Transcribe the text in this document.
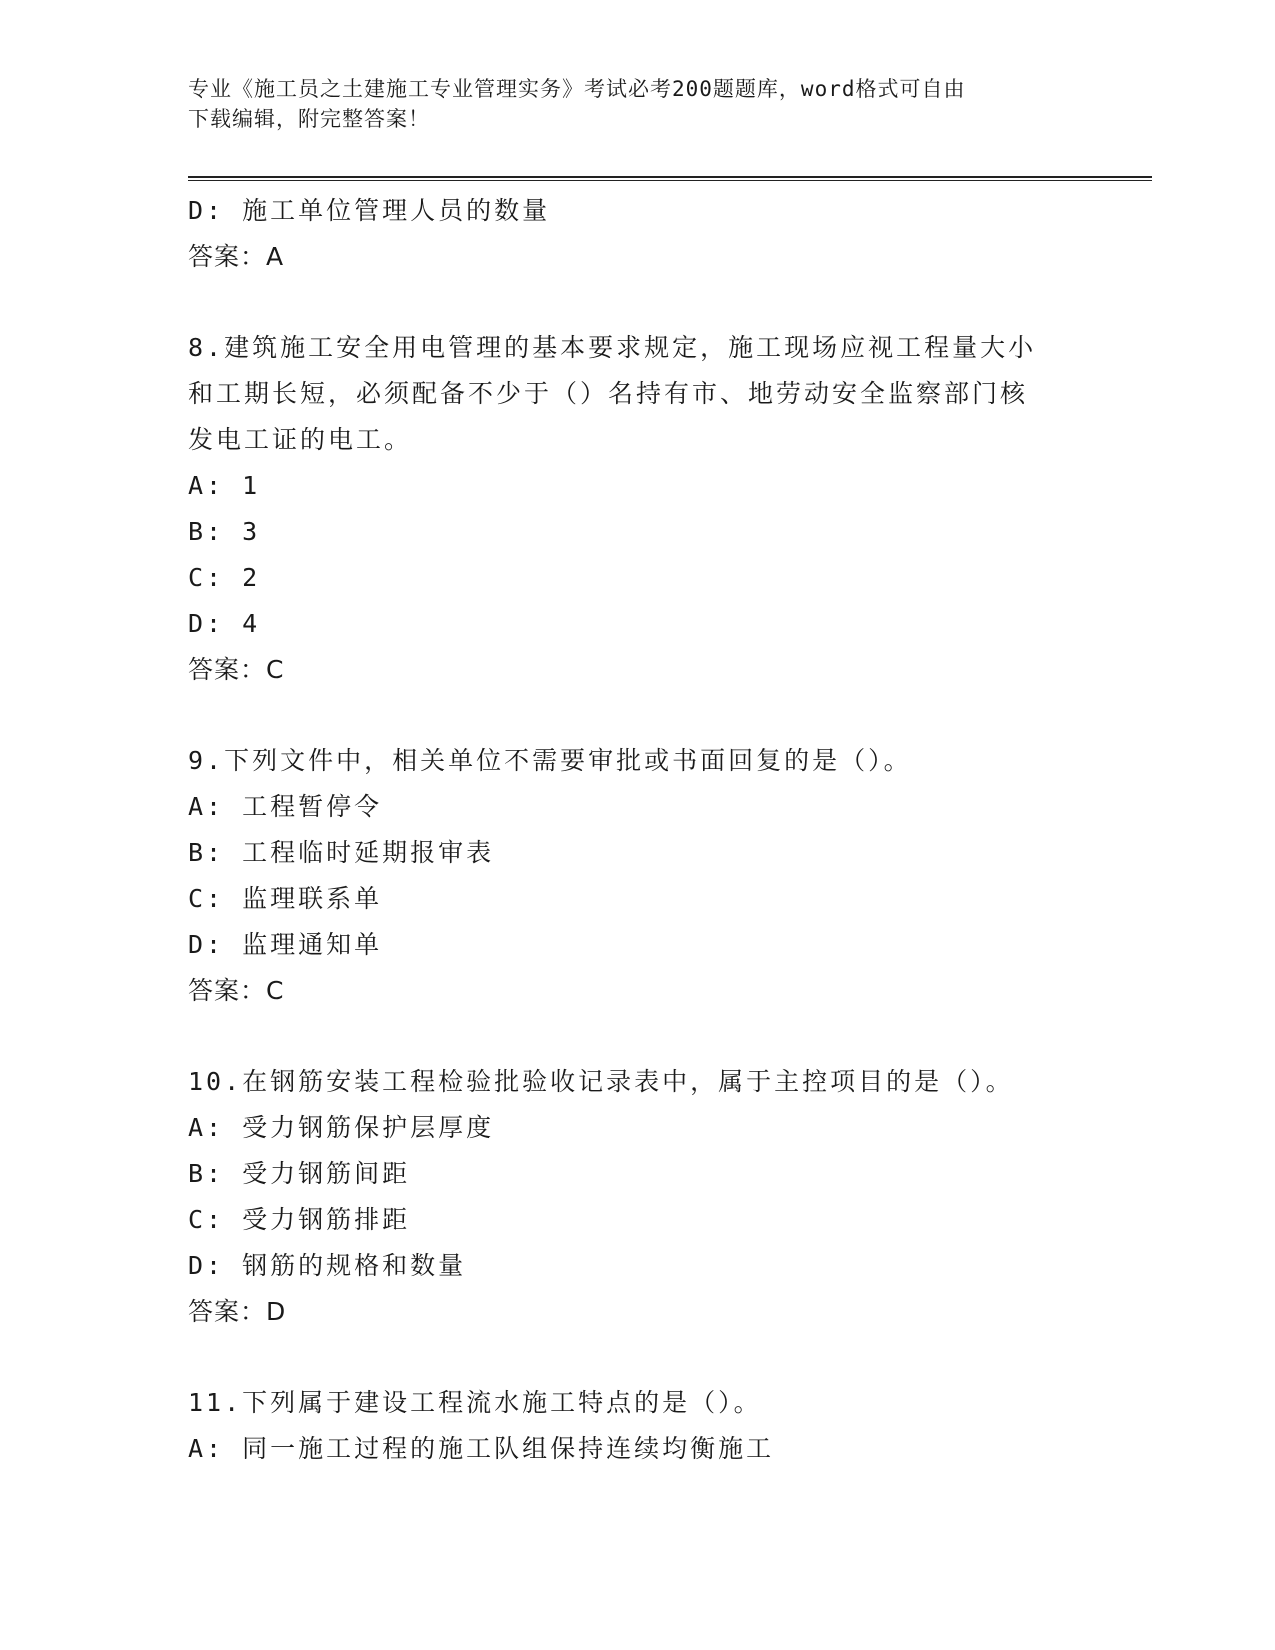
专业《施工员之土建施工专业管理实务》考试必考200题题库，word格式可自由
下载编辑，附完整答案！
D: 施工单位管理人员的数量
答案：A
8.建筑施工安全用电管理的基本要求规定，施工现场应视工程量大小
和工期长短，必须配备不少于（）名持有市、地劳动安全监察部门核
发电工证的电工。
A: 1
B: 3
C: 2
D: 4
答案：C
9.下列文件中，相关单位不需要审批或书面回复的是（）。
A: 工程暂停令
B: 工程临时延期报审表
C: 监理联系单
D: 监理通知单
答案：C
10.在钢筋安装工程检验批验收记录表中，属于主控项目的是（）。
A: 受力钢筋保护层厚度
B: 受力钢筋间距
C: 受力钢筋排距
D: 钢筋的规格和数量
答案：D
11.下列属于建设工程流水施工特点的是（）。
A: 同一施工过程的施工队组保持连续均衡施工
